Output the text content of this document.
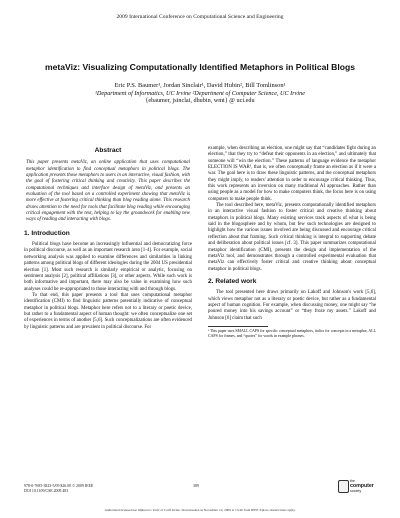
2009 International Conference on Computational Science and Engineering
metaViz: Visualizing Computationally Identified Metaphors in Political Blogs
Eric P.S. Baumer¹, Jordan Sinclair¹, David Hubin², Bill Tomlinson¹
¹Department of Informatics, UC Irvine ²Department of Computer Science, UC Irvine
{ebaumer, jsinclai, dhubin, wmt} @ uci.edu
Abstract
This paper presents metaViz, an online application that uses computational metaphor identification to find conceptual metaphors in political blogs. The application presents those metaphors to users in an interactive, visual fashion, with the goal of fostering critical thinking and creativity. This paper describes the computational techniques and interface design of metaViz, and presents an evaluation of the tool based on a controlled experiment showing that metaViz is more effective at fostering critical thinking than blog reading alone. This research draws attention to the need for tools that facilitate blog reading while encouraging critical engagement with the text, helping to lay the groundwork for enabling new ways of reading and interacting with blogs.
1. Introduction
Political blogs have become an increasingly influential and democratizing force in political discourse, as well as an important research area [1-4]. For example, social networking analysis was applied to examine differences and similarities in linking patterns among political blogs of different ideologies during the 2004 US presidential election [1]. Most such research is similarly empirical or analytic, focusing on sentiment analysis [2], political affiliations [3], or other aspects. While such work is both informative and important, there may also be value in examining how such analyses could be re-appropriated to those interacting with and through blogs.
To that end, this paper presents a tool that uses computational metaphor identification (CMI) to find linguistic patterns potentially indicative of conceptual metaphor in political blogs. Metaphor here refers not to a literary or poetic device, but rather to a fundamental aspect of human thought: we often conceptualize one set of experiences in terms of another [5,6]. Such conceptualizations are often evidenced by linguistic patterns and are prevalent in political discourse. For
example, when describing an election, one might say that “candidates fight during an election,” that they try to “defeat their opponents in an election,” and ultimately that someone will “win the election.” These patterns of language evidence the metaphor ELECTION IS WAR¹, that is, we often conceptually frame an election as if it were a war. The goal here is to draw these linguistic patterns, and the conceptual metaphors they might imply, to readers' attention in order to encourage critical thinking. Thus, this work represents an inversion on many traditional AI approaches. Rather than using people as a model for how to make computers think, the focus here is on using computers to make people think.
The tool described here, metaViz, presents computationally identified metaphors in an interactive visual fashion to foster critical and creative thinking about metaphors in political blogs. Many existing services track aspects of what is being said in the blogosphere and by whom, but few such technologies are designed to highlight how the various issues involved are being discussed and encourage critical reflection about that framing. Such critical thinking is integral to supporting debate and deliberation about political issues [cf. 3]. This paper summarizes computational metaphor identification (CMI), presents the design and implementation of the metaViz tool, and demonstrates through a controlled experimental evaluation that metaViz can effectively foster critical and creative thinking about conceptual metaphor in political blogs.
2. Related work
The tool presented here draws primarily on Lakoff and Johnson's work [5,6], which views metaphor not as a literary or poetic device, but rather as a fundamental aspect of human cognition. For example, when discussing money, one might say “he poured money into his savings account” or “they froze my assets.” Lakoff and Johnson [6] claim that such
¹ This paper uses SMALL CAPS for specific conceptual metaphors, italics for concepts in a metaphor, ALL CAPS for frames, and “quotes” for words in example phrases.
978-0-7695-3823-5/09 $26.00 © 2009 IEEE
DOI 10.1109/CSE.2009.483
389
the
computer
society
Authorized licensed use limited to: Univ of Calif Irvine. Downloaded on November 14, 2009 at 15:46 from IEEE Xplore. Restrictions apply.
